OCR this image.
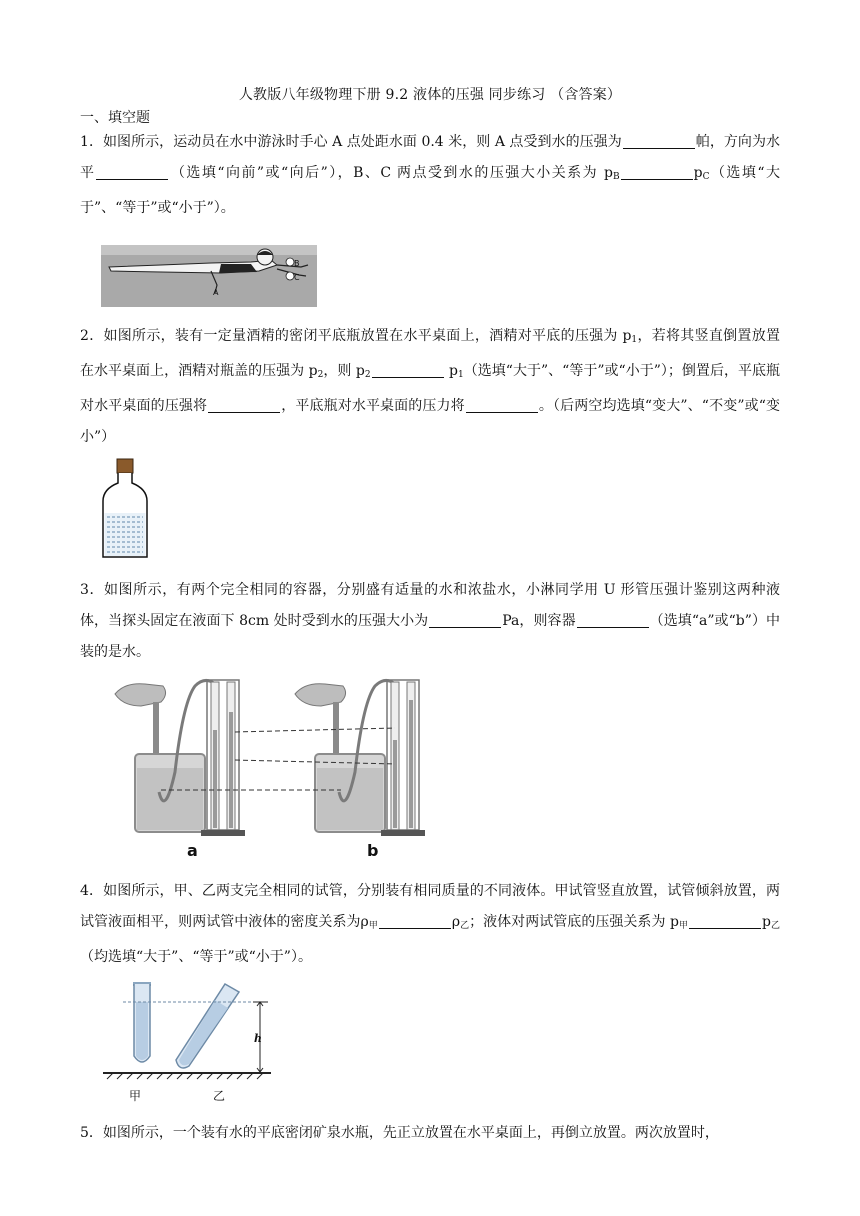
人教版八年级物理下册 9.2 液体的压强 同步练习 （含答案）
一、填空题
1．如图所示，运动员在水中游泳时手心 A 点处距水面 0.4 米，则 A 点受到水的压强为	帕，方向为水平	（选填“向前”或“向后”），B、C 两点受到水的压强大小关系为 $p_B$	$p_C$（选填“大于”、“等于”或“小于”）。
B
C
A
2．如图所示，装有一定量酒精的密闭平底瓶放置在水平桌面上，酒精对平底的压强为 $p_1$，若将其竖直倒置放置在水平桌面上，酒精对瓶盖的压强为 $p_2$，则 $p_2$	$p_1$（选填“大于”、“等于”或“小于”）；倒置后，平底瓶对水平桌面的压强将	，平底瓶对水平桌面的压力将	。（后两空均选填“变大”、“不变”或“变小”）
3．如图所示，有两个完全相同的容器，分别盛有适量的水和浓盐水，小淋同学用 U 形管压强计鉴别这两种液体，当探头固定在液面下 8cm 处时受到水的压强大小为	Pa，则容器	（选填“a”或“b”）中装的是水。
a	b
4．如图所示，甲、乙两支完全相同的试管，分别装有相同质量的不同液体。甲试管竖直放置，试管倾斜放置，两试管液面相平，则两试管中液体的密度关系为$\rho_甲$	$\rho_乙$；液体对两试管底的压强关系为 $p_甲$	$p_乙$（均选填“大于”、“等于”或“小于”）。
h
甲	乙
5．如图所示，一个装有水的平底密闭矿泉水瓶，先正立放置在水平桌面上，再倒立放置。两次放置时，
